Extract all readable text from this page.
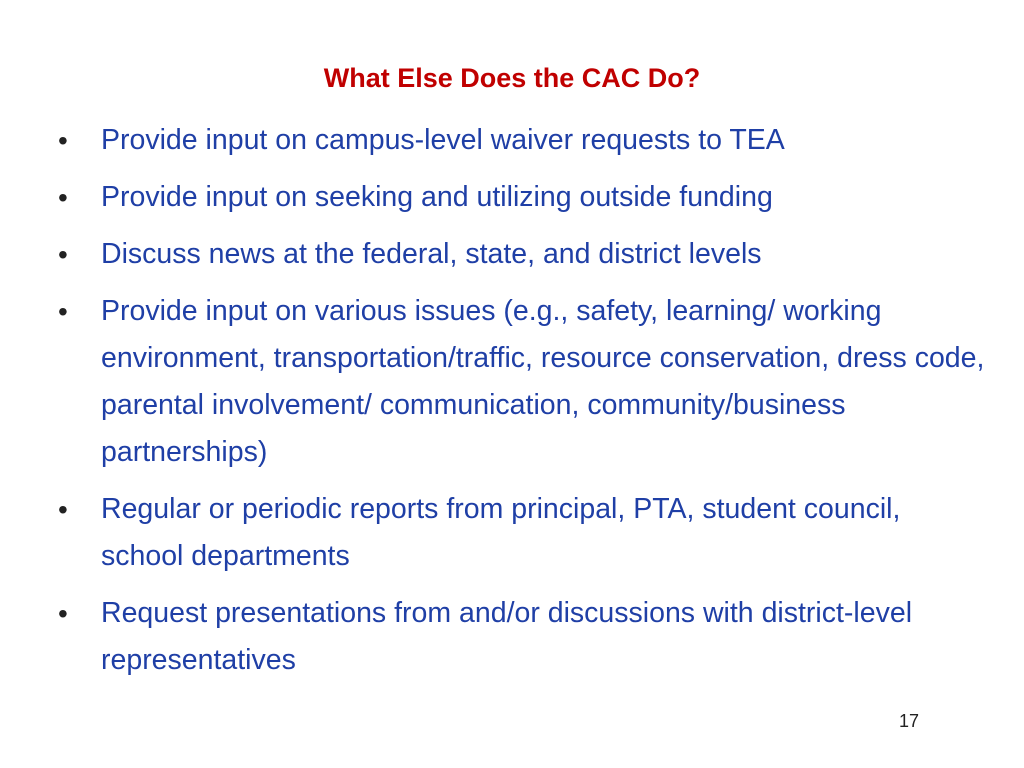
What Else Does the CAC Do?
•	Provide input on campus-level waiver requests to TEA
•	Provide input on seeking and utilizing outside funding
•	Discuss news at the federal, state, and district levels
•	Provide input on various issues (e.g., safety, learning/ working environment, transportation/traffic, resource conservation, dress code, parental involvement/ communication, community/business partnerships)
•	Regular or periodic reports from principal, PTA, student council, school departments
•	Request presentations from and/or discussions with district-level representatives
17
